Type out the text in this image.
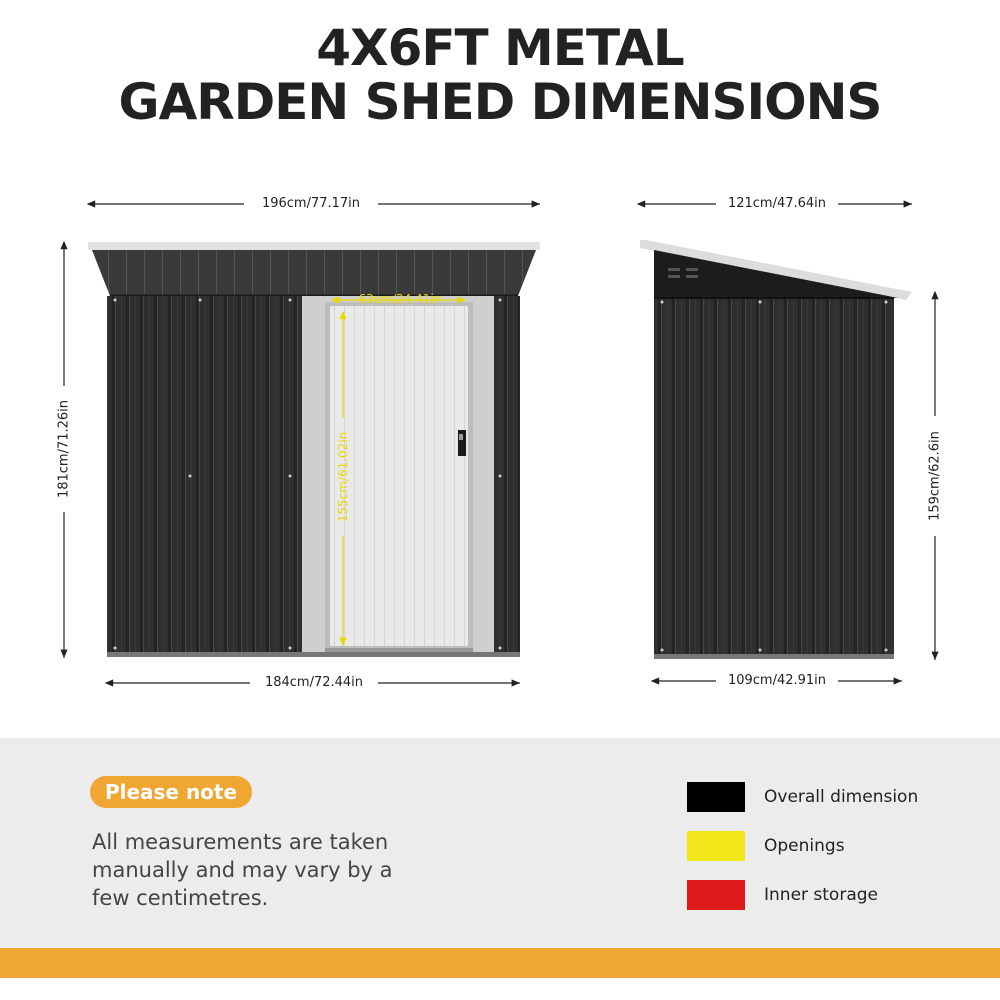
4X6FT METAL
GARDEN SHED DIMENSIONS
196cm/77.17in
181cm/71.26in
184cm/72.44in
63cm/24.41in
155cm/61.02in
121cm/47.64in
159cm/62.6in
109cm/42.91in
Please note
All measurements are taken manually and may vary by a few centimetres.
Overall dimension
Openings
Inner storage
